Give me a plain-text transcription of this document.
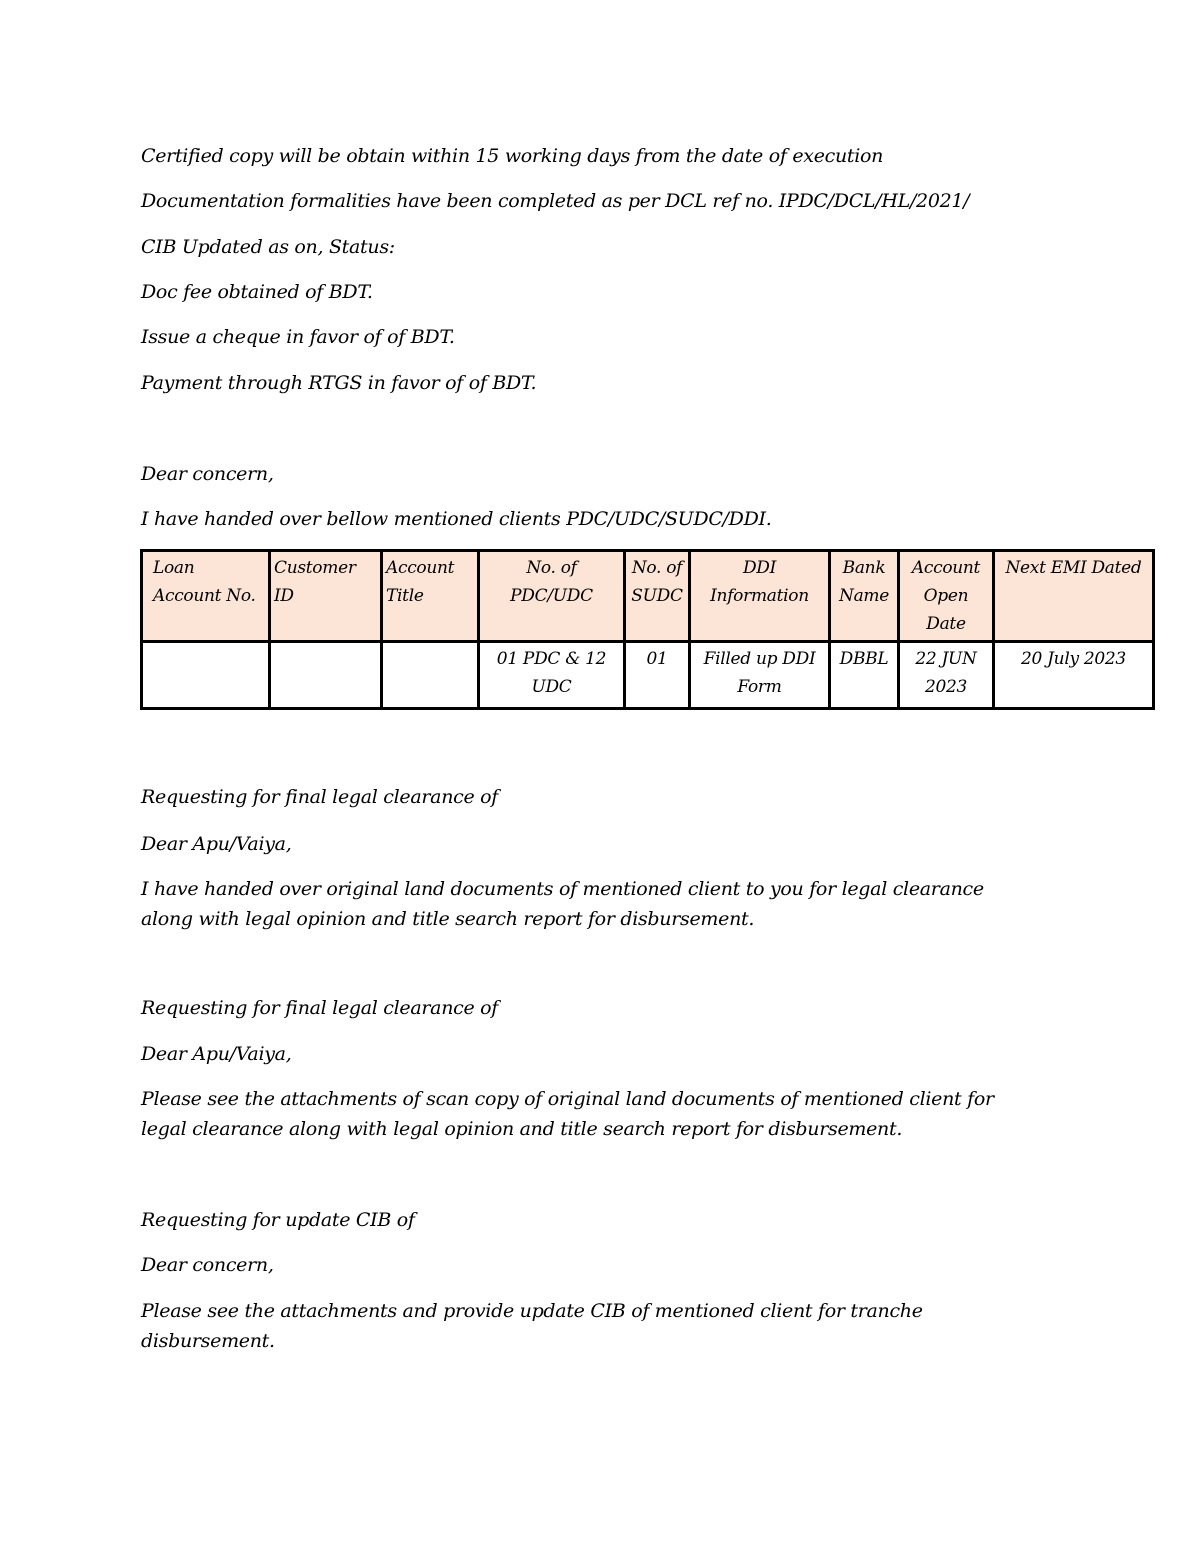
Certified copy will be obtain within 15 working days from the date of execution
Documentation formalities have been completed as per DCL ref no. IPDC/DCL/HL/2021/
CIB Updated as on, Status:
Doc fee obtained of BDT.
Issue a cheque in favor of of BDT.
Payment through RTGS in favor of of BDT.
Dear concern,
I have handed over bellow mentioned clients PDC/UDC/SUDC/DDI.
Loan Account No.	Customer ID	Account Title	No. of PDC/UDC	No. of SUDC	DDI Information	Bank Name	Account Open Date	Next EMI Dated
			01 PDC & 12 UDC	01	Filled up DDI Form	DBBL	22 JUN 2023	20 July 2023
Requesting for final legal clearance of
Dear Apu/Vaiya,
I have handed over original land documents of mentioned client to you for legal clearance along with legal opinion and title search report for disbursement.
Requesting for final legal clearance of
Dear Apu/Vaiya,
Please see the attachments of scan copy of original land documents of mentioned client for legal clearance along with legal opinion and title search report for disbursement.
Requesting for update CIB of
Dear concern,
Please see the attachments and provide update CIB of mentioned client for tranche disbursement.
